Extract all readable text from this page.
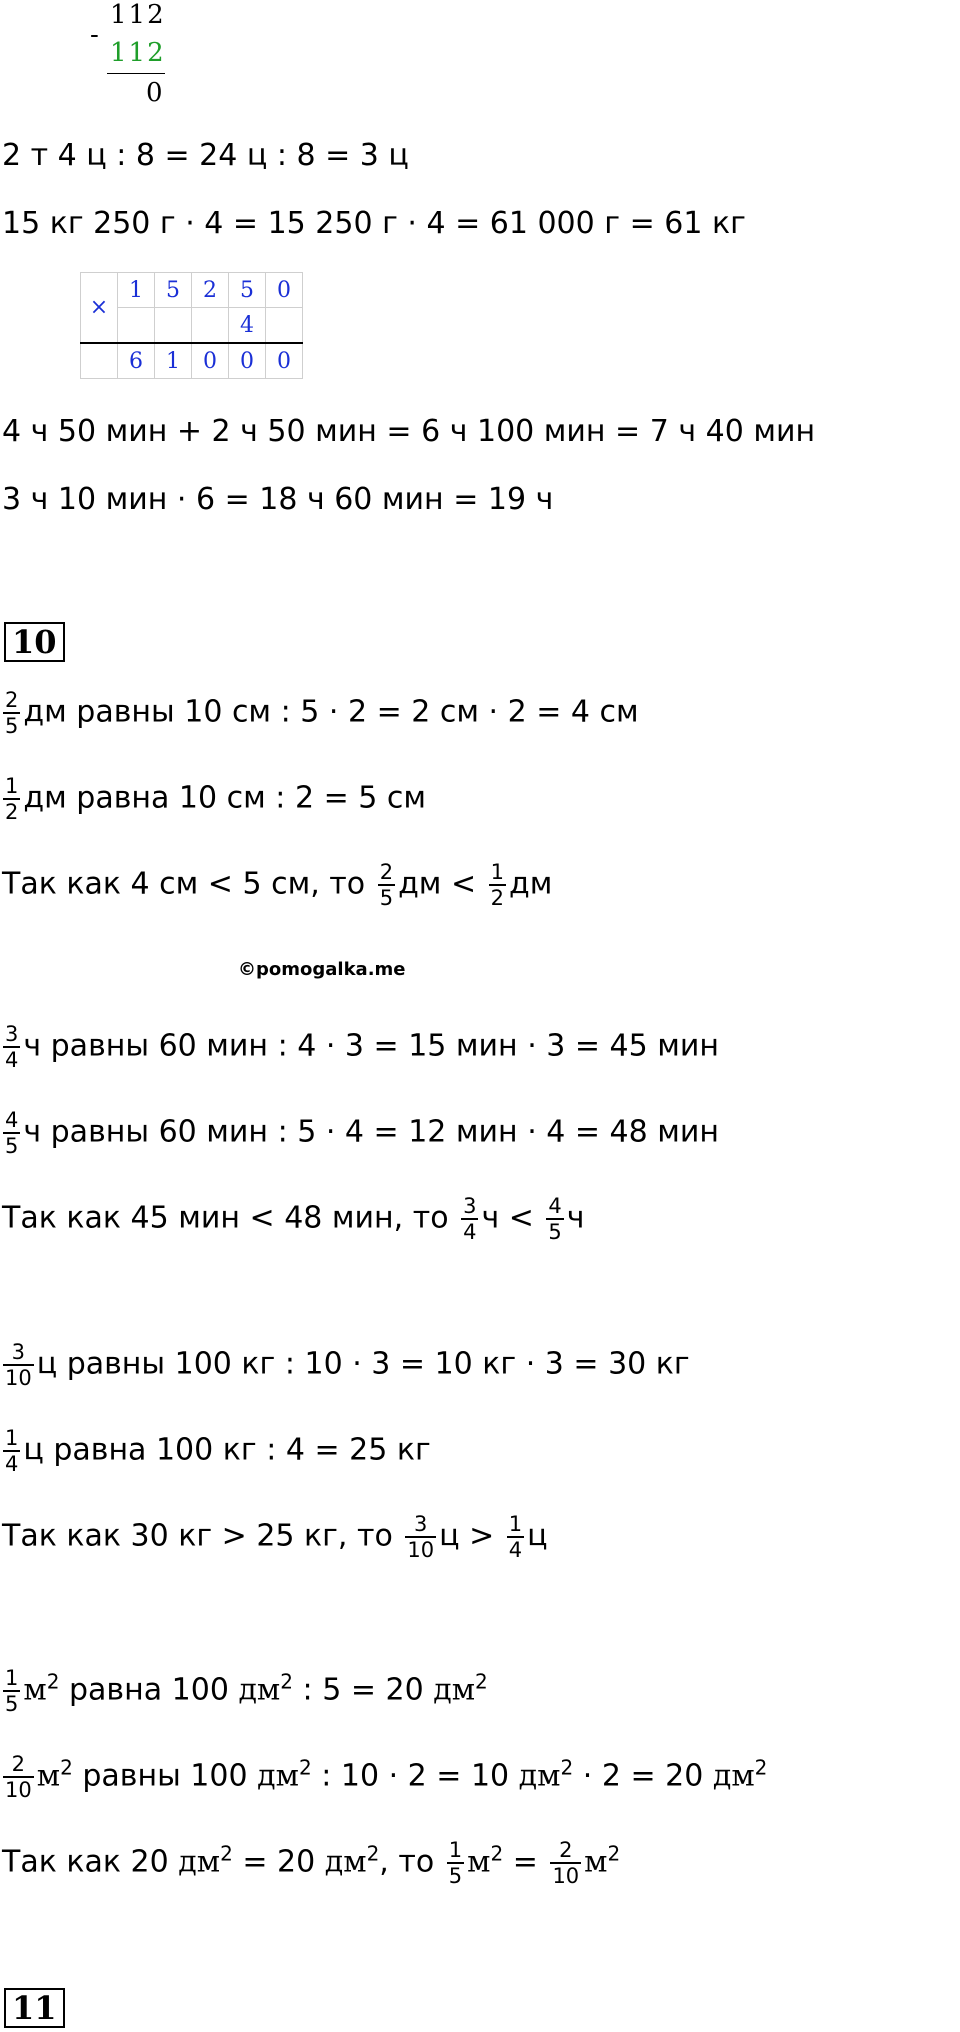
-
112
112
0
2 т 4 ц : 8 = 24 ц : 8 = 3 ц
15 кг 250 г · 4 = 15 250 г · 4 = 61 000 г = 61 кг
×	1	5	2	5	0
				4	
	6	1	0	0	0
4 ч 50 мин + 2 ч 50 мин = 6 ч 100 мин = 7 ч 40 мин
3 ч 10 мин · 6 = 18 ч 60 мин = 19 ч
10
$\frac{2}{5}$ дм равны 10 см : 5 · 2 = 2 см · 2 = 4 см
$\frac{1}{2}$ дм равна 10 см : 2 = 5 см
Так как 4 см < 5 см, то $\frac{2}{5}$ дм < $\frac{1}{2}$ дм
©pomogalka.me
$\frac{3}{4}$ ч равны 60 мин : 4 · 3 = 15 мин · 3 = 45 мин
$\frac{4}{5}$ ч равны 60 мин : 5 · 4 = 12 мин · 4 = 48 мин
Так как 45 мин < 48 мин, то $\frac{3}{4}$ $ч < \frac{4}{5}$ ч
$\frac{3}{10}$ ц равны 100 кг : 10 · 3 = 10 кг · 3 = 30 кг
$\frac{1}{4}$ ц равна 100 кг : 4 = 25 кг
Так как 30 кг > 25 кг, то $\frac{3}{10}$ $ц > \frac{1}{4}$ ц
$\frac{1}{5} м^2$ равна 100 $дм^2$ : 5 = 20 $дм^2$
$\frac{2}{10} м^2$ равны 100 $дм^2$ : 10 · 2 = 10 $дм^2 \cdot 2 = 20$ $дм^2$
Так как 20 $дм^2 = 20$ $дм^2$, то $\frac{1}{5} м^2 = \frac{2}{10} м^2$
11
